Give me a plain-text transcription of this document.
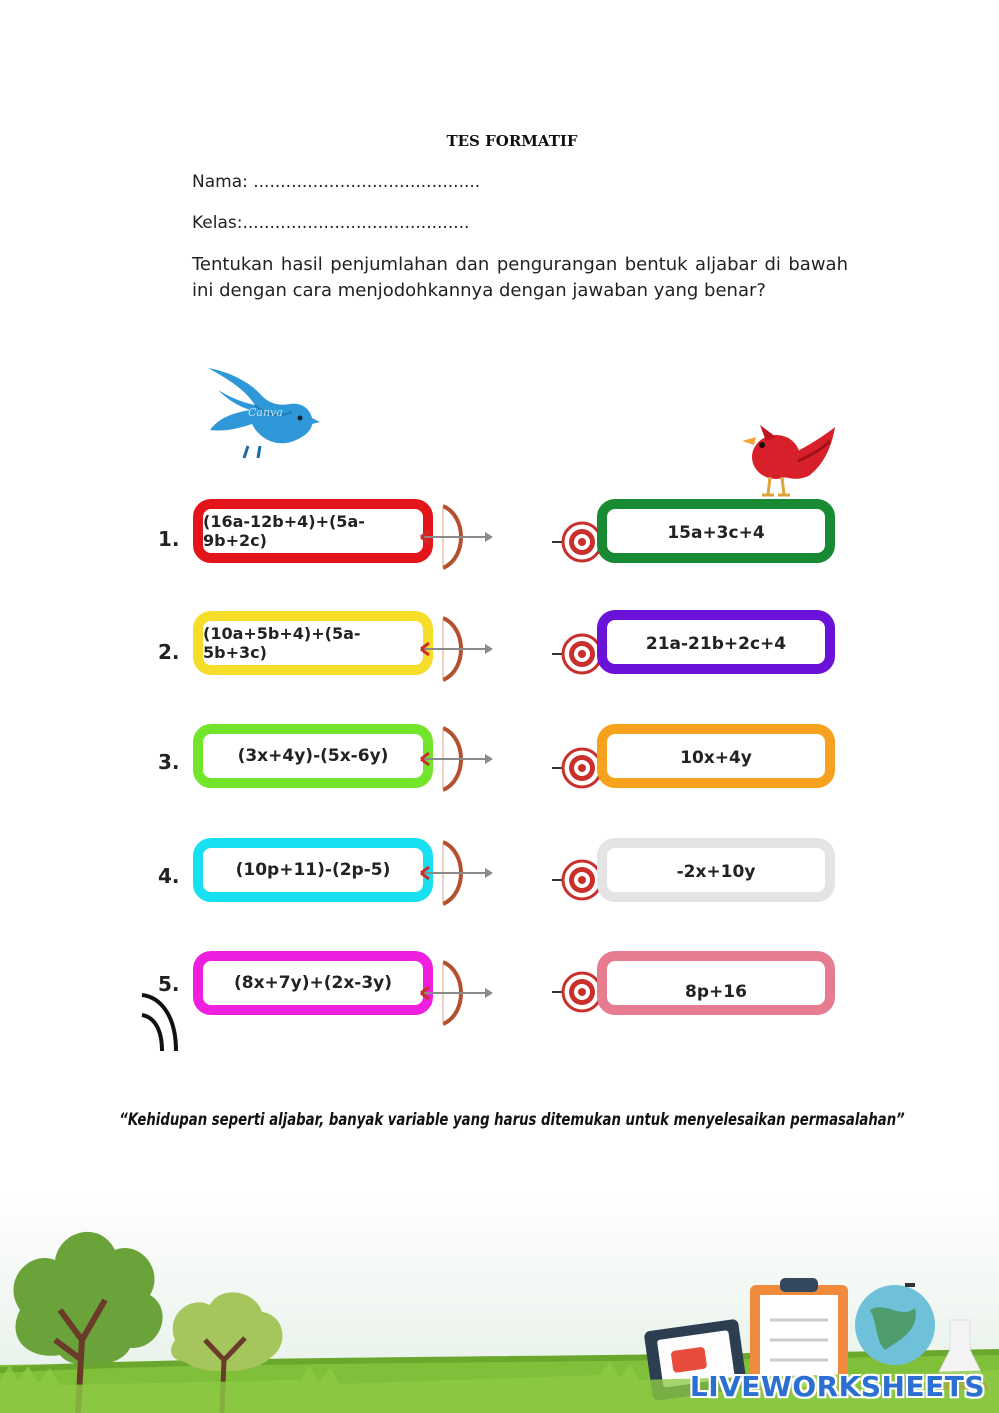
TES FORMATIF
Nama: ..........................................
Kelas:..........................................
Tentukan hasil penjumlahan dan pengurangan bentuk aljabar di bawah ini dengan cara menjodohkannya dengan jawaban yang benar?
Canva
1.
(16a-12b+4)+(5a-9b+2c)
2.
(10a+5b+4)+(5a-5b+3c)
3.	(3x+4y)-(5x-6y)
4.	(10p+11)-(2p-5)
5.	(8x+7y)+(2x-3y)
15a+3c+4
21a-21b+2c+4
10x+4y
-2x+10y
8p+16
“Kehidupan seperti aljabar, banyak variable yang harus ditemukan untuk menyelesaikan permasalahan”
LIVEWORKSHEETS
